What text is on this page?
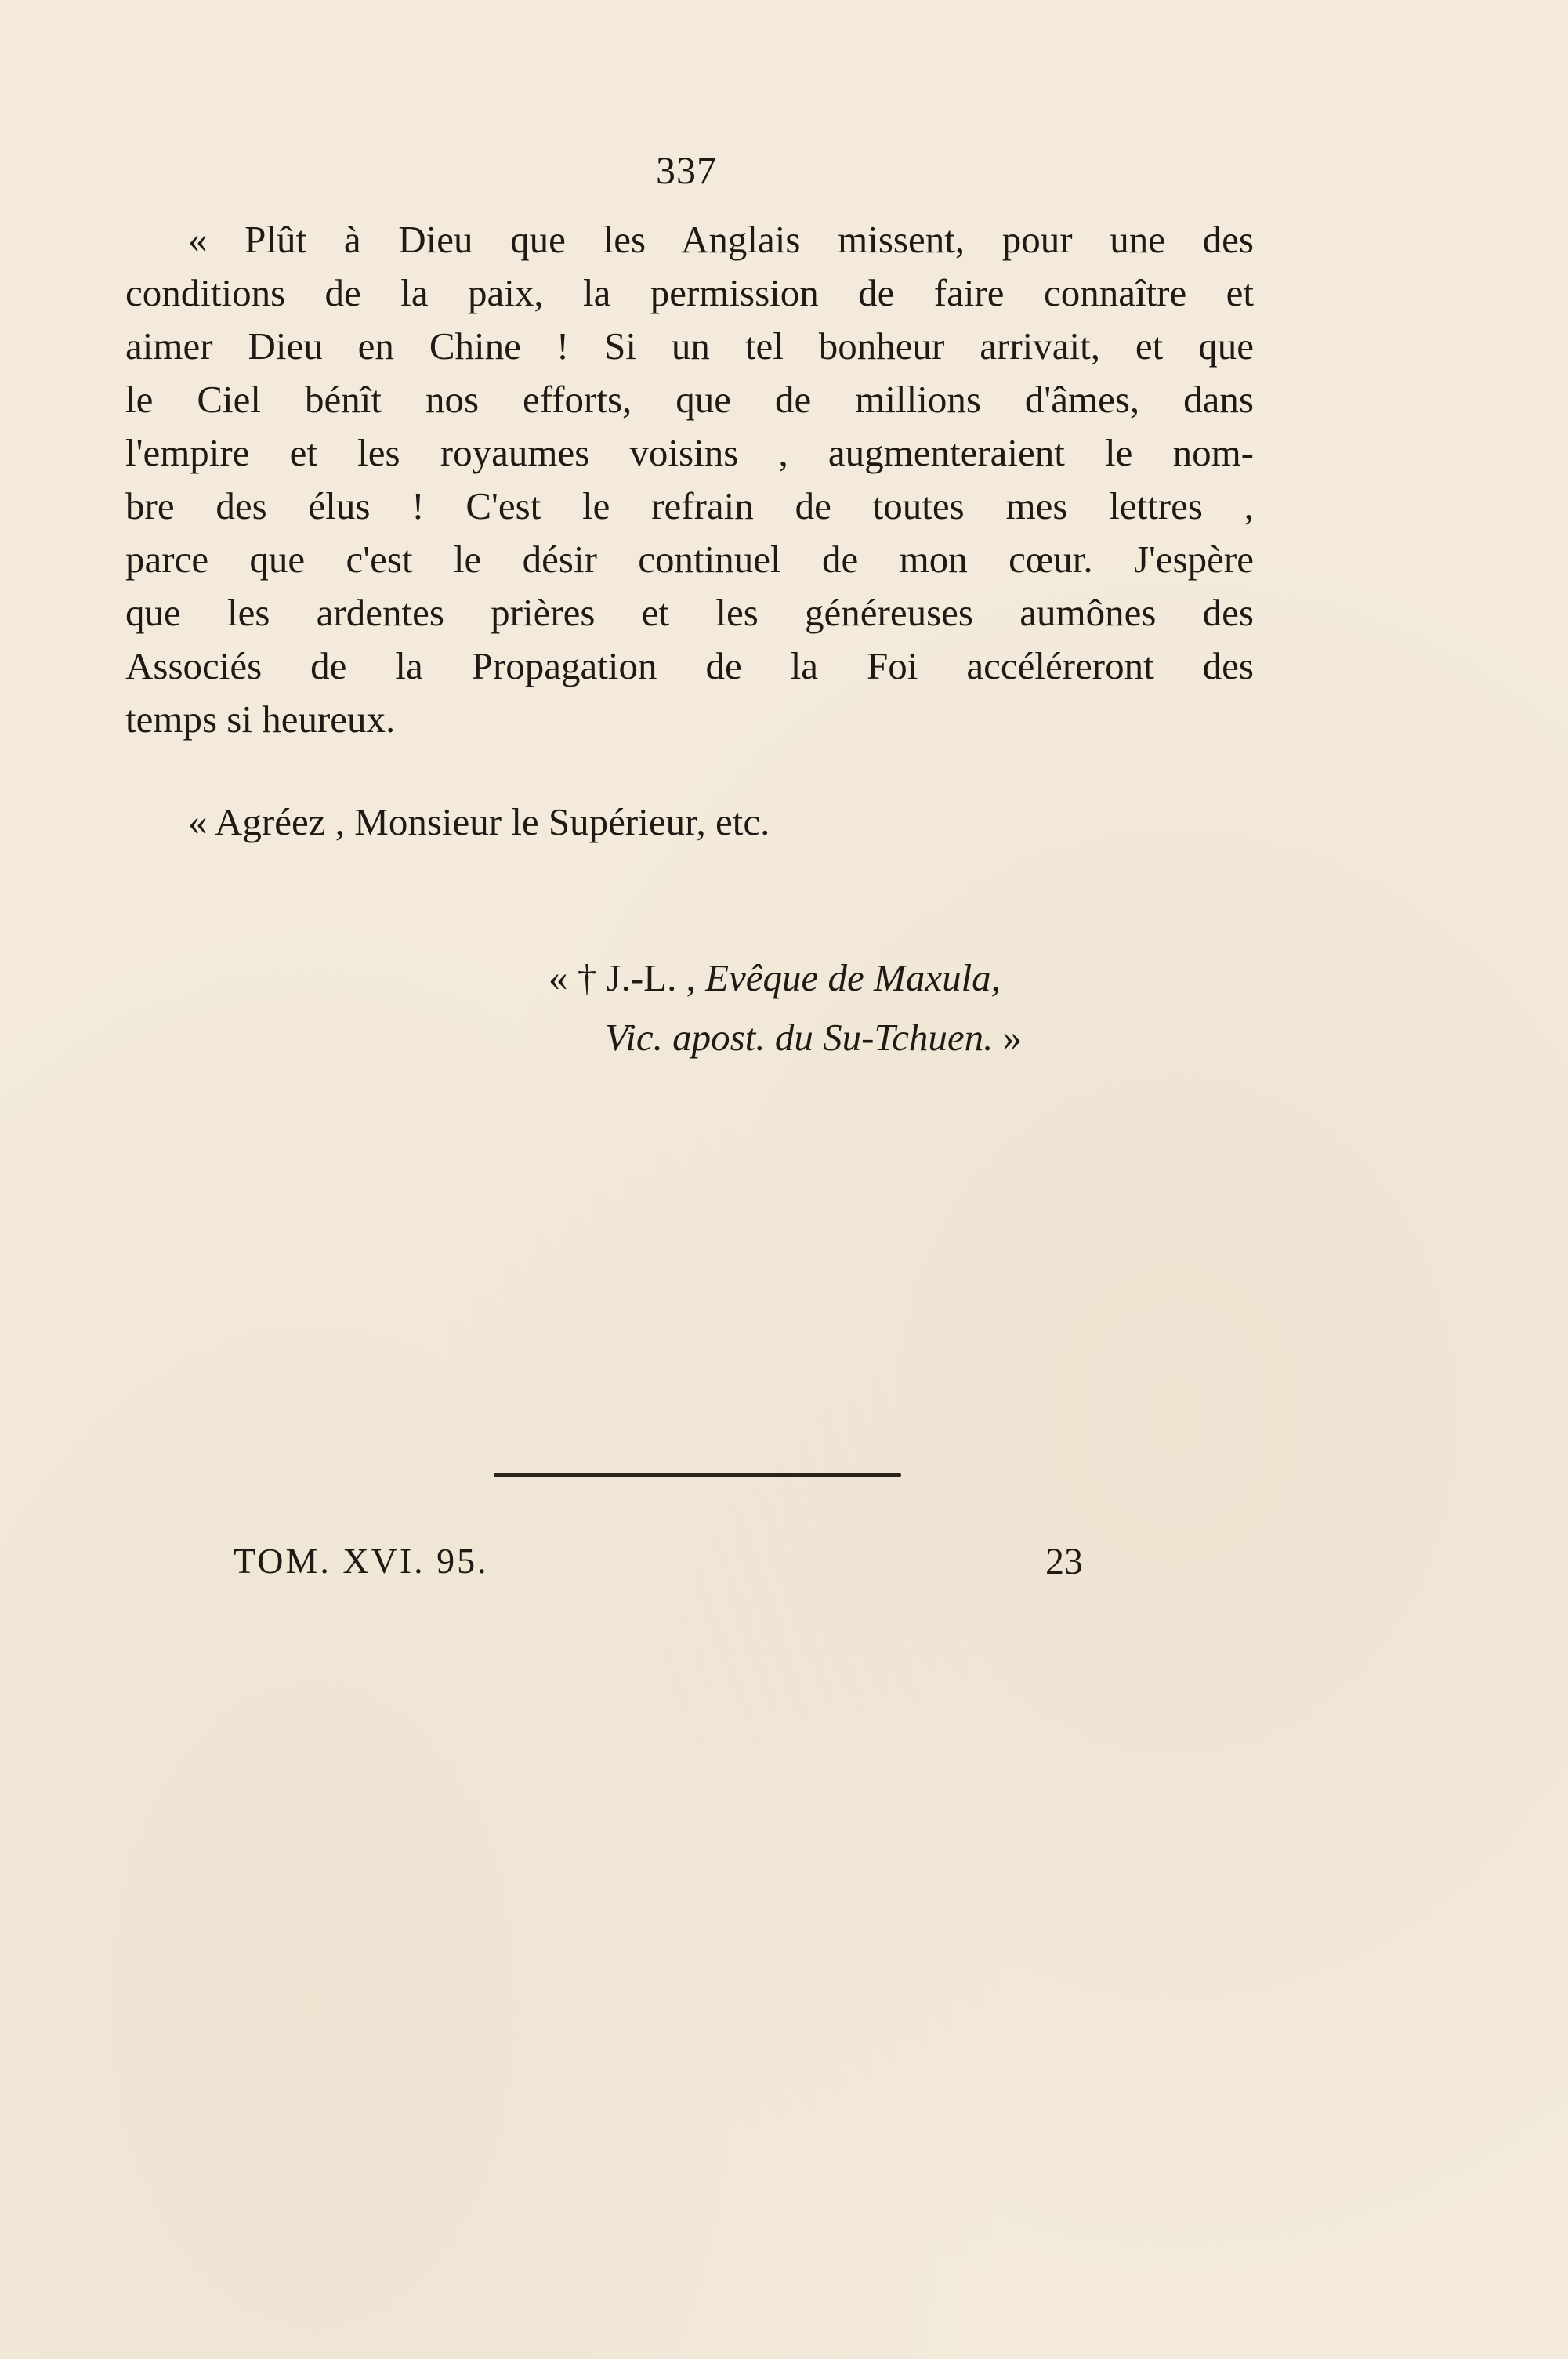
337
« Plût à Dieu que les Anglais missent, pour une des
conditions de la paix, la permission de faire connaître et
aimer Dieu en Chine ! Si un tel bonheur arrivait, et que
le Ciel bénît nos efforts, que de millions d'âmes, dans
l'empire et les royaumes voisins , augmenteraient le nom-
bre des élus ! C'est le refrain de toutes mes lettres ,
parce que c'est le désir continuel de mon cœur. J'espère
que les ardentes prières et les généreuses aumônes des
Associés de la Propagation de la Foi accéléreront des
temps si heureux.
« Agréez , Monsieur le Supérieur, etc.
« † J.-L. , Evêque de Maxula,
Vic. apost. du Su-Tchuen. »
TOM. XVI. 95.	23
